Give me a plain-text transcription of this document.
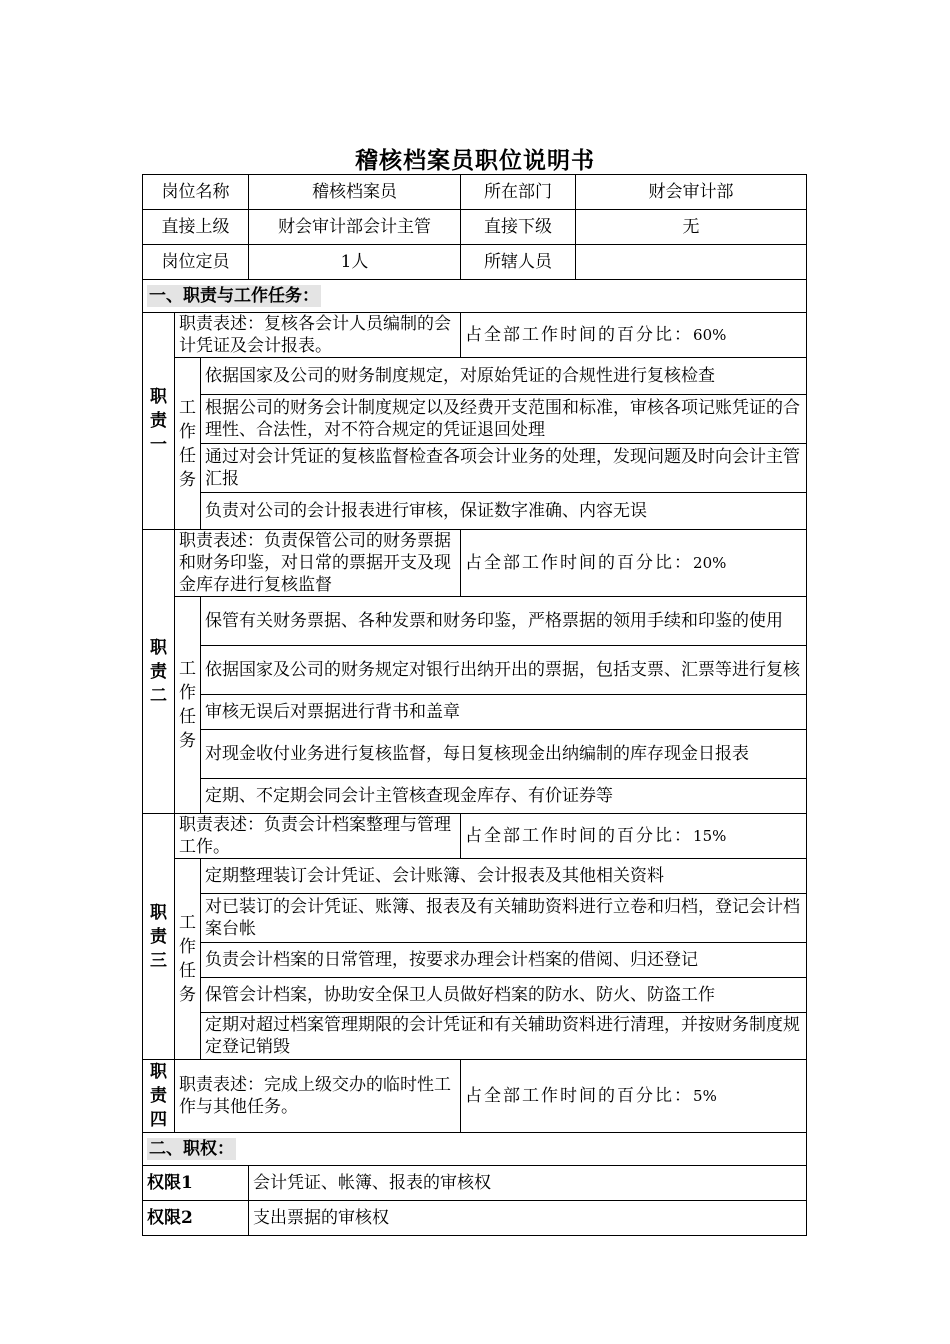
稽核档案员职位说明书
岗位名称			稽核档案员	所在部门	财会审计部
直接上级			财会审计部会计主管	直接下级	无
岗位定员			1人	所辖人员	
一、职责与工作任务：					
职责一	职责表述：复核各会计人员编制的会计凭证及会计报表。			占全部工作时间的百分比：60%	
	工作任务	依据国家及公司的财务制度规定，对原始凭证的合规性进行复核检查			
		根据公司的财务会计制度规定以及经费开支范围和标准，审核各项记账凭证的合理性、合法性，对不符合规定的凭证退回处理			
		通过对会计凭证的复核监督检查各项会计业务的处理，发现问题及时向会计主管汇报			
		负责对公司的会计报表进行审核，保证数字准确、内容无误			
职责二	职责表述：负责保管公司的财务票据和财务印鉴，对日常的票据开支及现金库存进行复核监督			占全部工作时间的百分比：20%	
	工作任务	保管有关财务票据、各种发票和财务印鉴，严格票据的领用手续和印鉴的使用			
		依据国家及公司的财务规定对银行出纳开出的票据，包括支票、汇票等进行复核			
		审核无误后对票据进行背书和盖章			
		对现金收付业务进行复核监督，每日复核现金出纳编制的库存现金日报表			
		定期、不定期会同会计主管核查现金库存、有价证券等			
职责三	职责表述：负责会计档案整理与管理工作。			占全部工作时间的百分比：15%	
	工作任务	定期整理装订会计凭证、会计账簿、会计报表及其他相关资料			
		对已装订的会计凭证、账簿、报表及有关辅助资料进行立卷和归档，登记会计档案台帐			
		负责会计档案的日常管理，按要求办理会计档案的借阅、归还登记			
		保管会计档案，协助安全保卫人员做好档案的防水、防火、防盗工作			
		定期对超过档案管理期限的会计凭证和有关辅助资料进行清理，并按财务制度规定登记销毁			
职责四	职责表述：完成上级交办的临时性工作与其他任务。			占全部工作时间的百分比：5%	
二、职权：					
权限1			会计凭证、帐簿、报表的审核权		
权限2			支出票据的审核权		
